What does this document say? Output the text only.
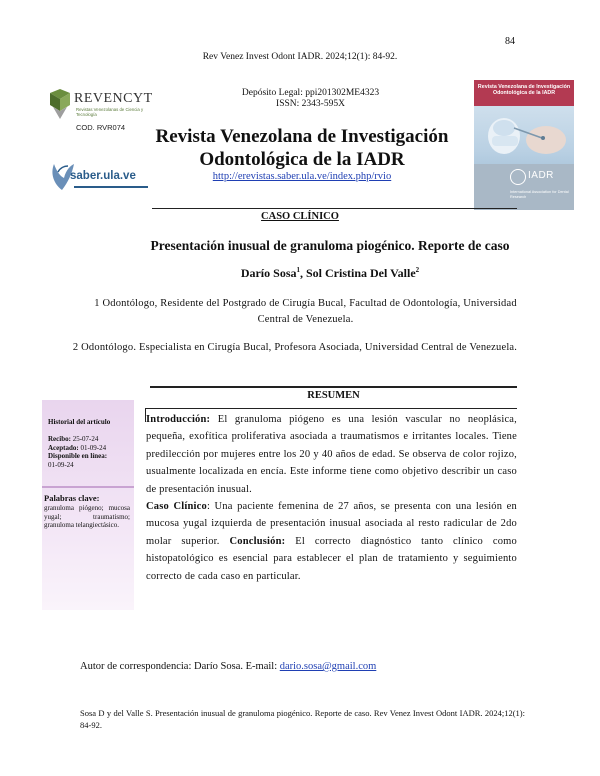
84
Rev Venez Invest Odont IADR. 2024;12(1): 84-92.
REVENCYT
Revistas Venezolanas de Ciencia y Tecnología
COD. RVR074
saber.ula.ve
Depósito Legal: ppi201302ME4323
ISSN: 2343-595X
Revista Venezolana de Investigación Odontológica de la IADR
http://erevistas.saber.ula.ve/index.php/rvio
Revista Venezolana de Investigación Odontológica de la IADR
IADR
International Association for Dental Research
CASO CLÍNICO
Presentación inusual de granuloma piogénico. Reporte de caso
Darío Sosa$^1$, Sol Cristina Del Valle$^2$
1 Odontólogo, Residente del Postgrado de Cirugía Bucal, Facultad de Odontología, Universidad Central de Venezuela.
2 Odontólogo. Especialista en Cirugía Bucal, Profesora Asociada, Universidad Central de Venezuela.
RESUMEN
Historial del artículo
Recibo: 25-07-24
Aceptado: 01-09-24
Disponible en línea:
01-09-24
Palabras clave:
granuloma piógeno; mucosa yugal; traumatismo; granuloma telangiectásico.

Introducción: El granuloma piógeno es una lesión vascular no neoplásica, pequeña, exofítica proliferativa asociada a traumatismos e irritantes locales. Tiene predilección por mujeres entre los 20 y 40 años de edad. Se observa de color rojizo, usualmente localizada en encía. Este informe tiene como objetivo describir un caso de presentación inusual.

Caso Clínico: Una paciente femenina de 27 años, se presenta con una lesión en mucosa yugal izquierda de presentación inusual asociada al resto radicular de 2do molar superior. Conclusión: El correcto diagnóstico tanto clínico como histopatológico es esencial para establecer el plan de tratamiento y seguimiento correcto de cada caso en particular.

Autor de correspondencia: Darío Sosa. E-mail: dario.sosa@gmail.com
Sosa D y del Valle S. Presentación inusual de granuloma piogénico. Reporte de caso. Rev Venez Invest Odont IADR. 2024;12(1): 84-92.
